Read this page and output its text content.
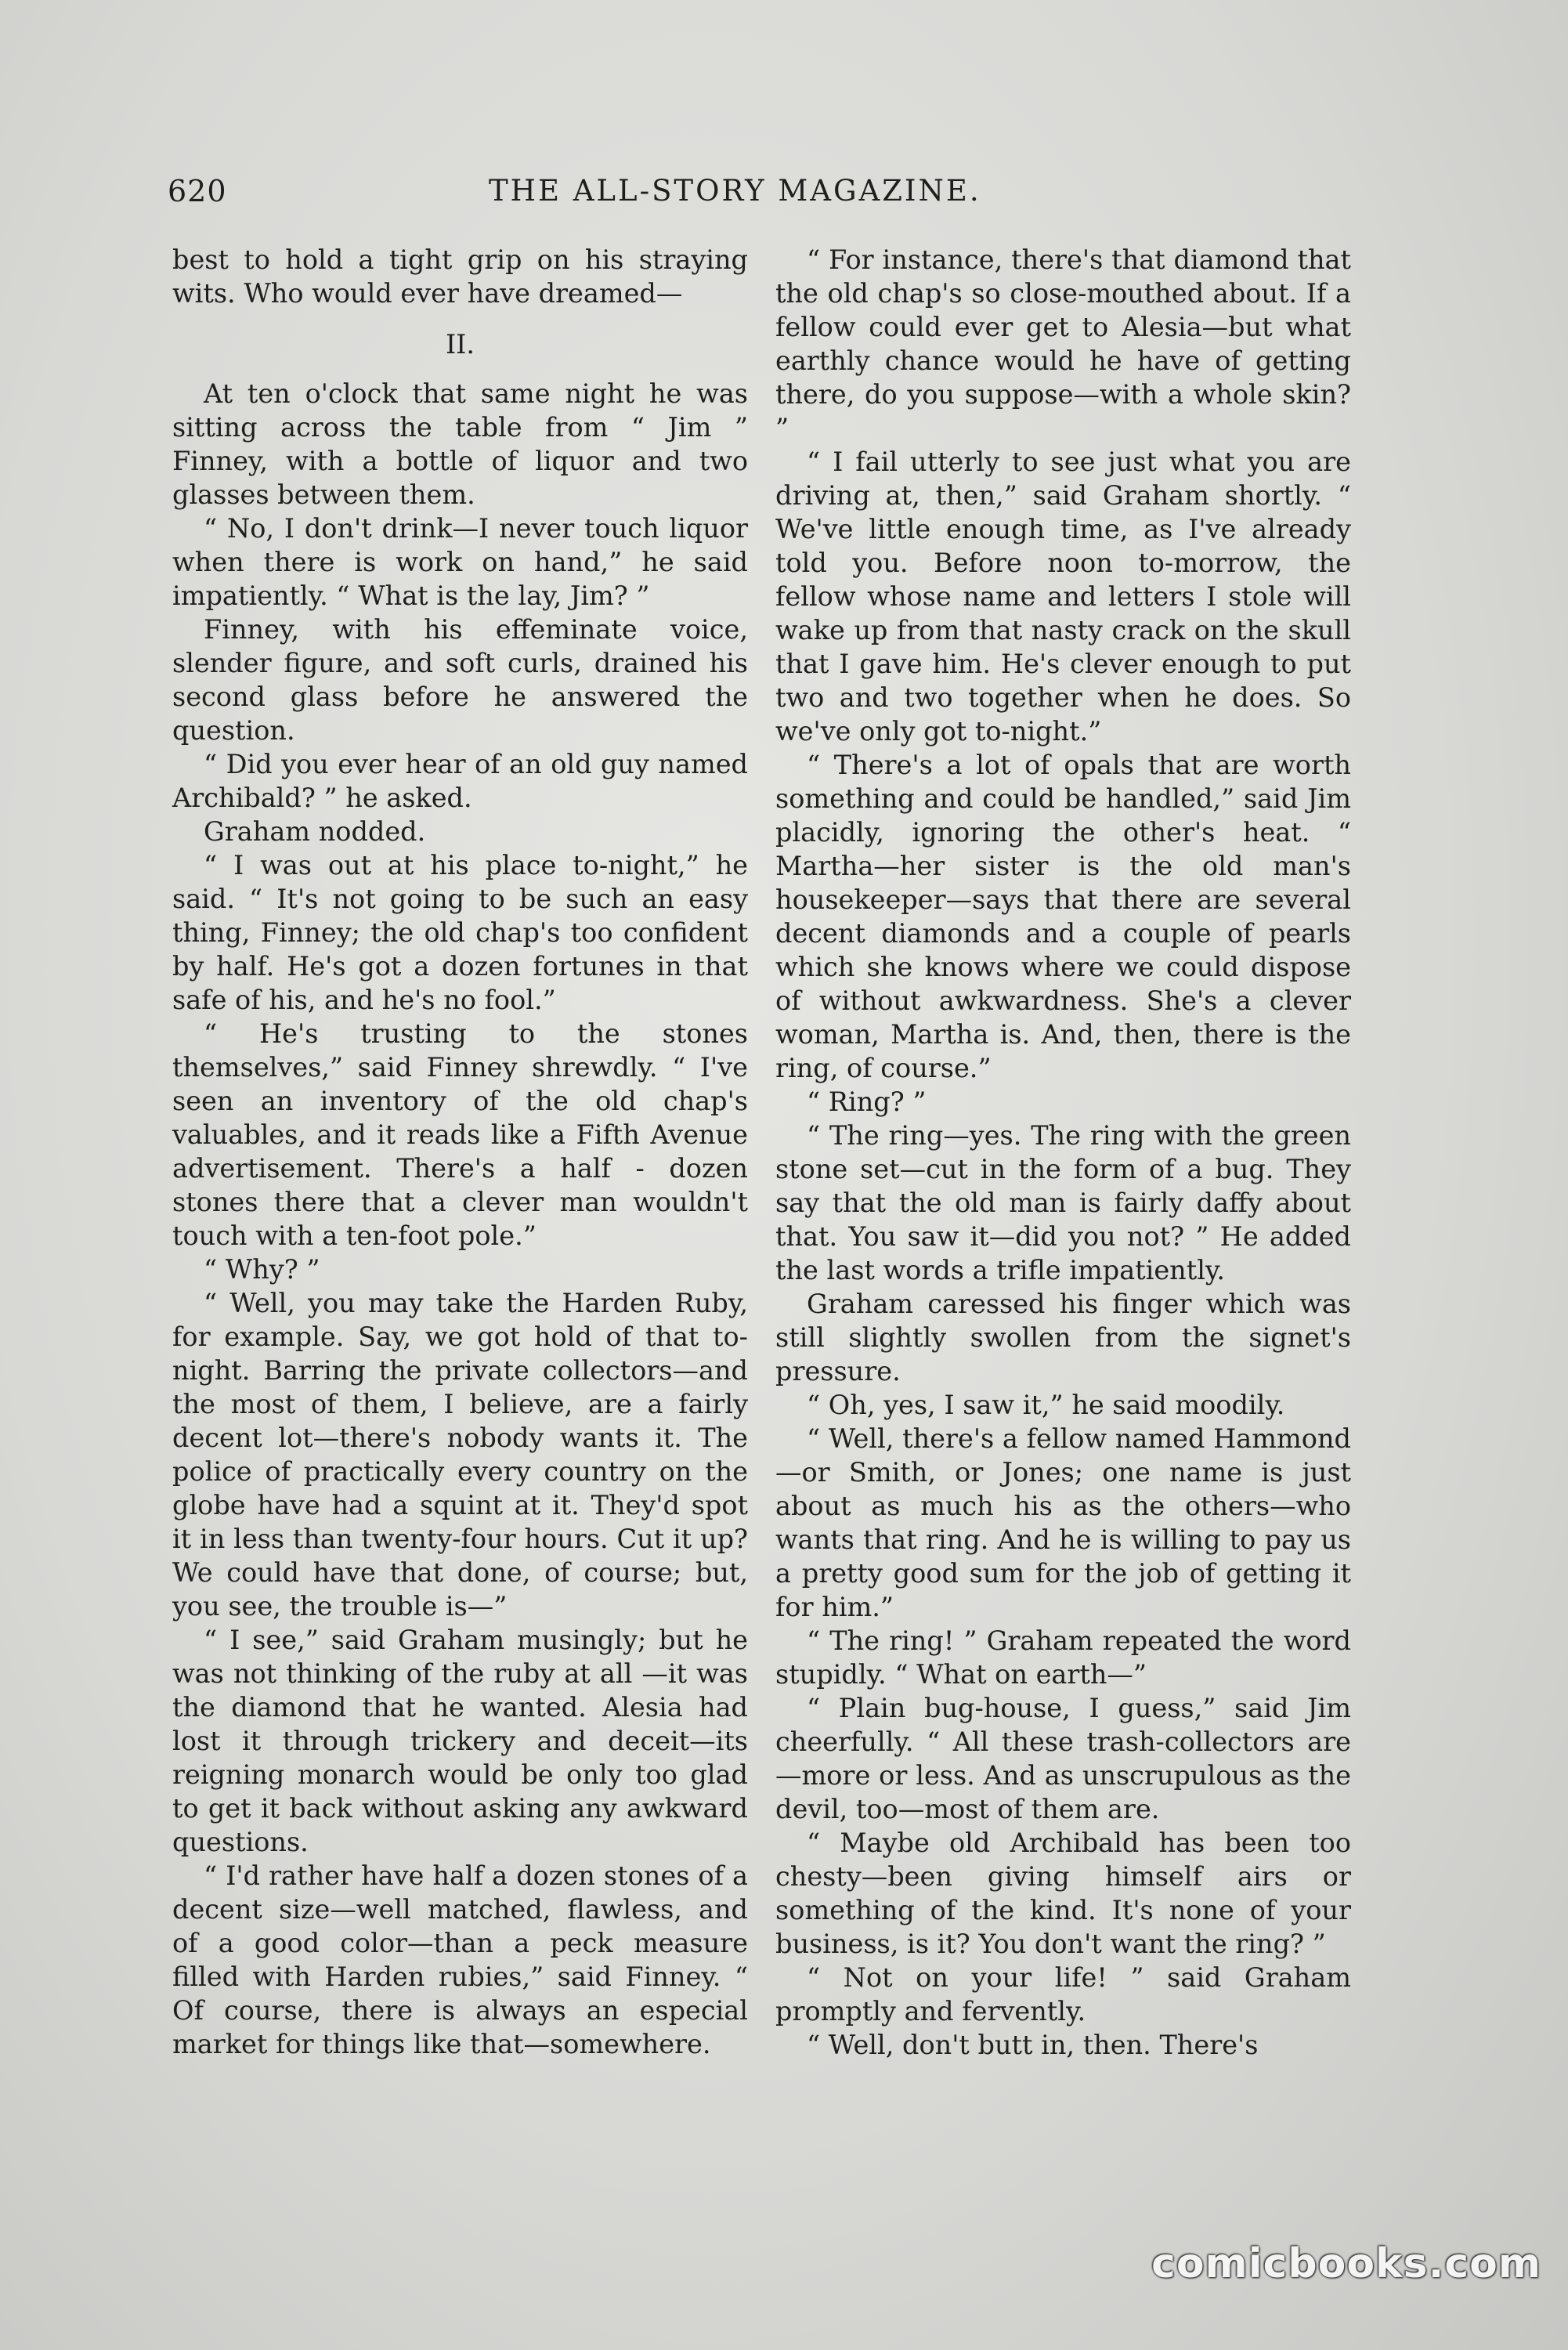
620	THE ALL-STORY MAGAZINE.

best to hold a tight grip on his straying wits. Who would ever have dreamed—

II.

At ten o'clock that same night he was sitting across the table from “ Jim ” Finney, with a bottle of liquor and two glasses between them.

“ No, I don't drink—I never touch liquor when there is work on hand,” he said impatiently. “ What is the lay, Jim? ”

Finney, with his effeminate voice, slender figure, and soft curls, drained his second glass before he answered the question.

“ Did you ever hear of an old guy named Archibald? ” he asked.

Graham nodded.

“ I was out at his place to-night,” he said. “ It's not going to be such an easy thing, Finney; the old chap's too confident by half. He's got a dozen fortunes in that safe of his, and he's no fool.”

“ He's trusting to the stones themselves,” said Finney shrewdly. “ I've seen an inventory of the old chap's valuables, and it reads like a Fifth Avenue advertisement. There's a half - dozen stones there that a clever man wouldn't touch with a ten-foot pole.”

“ Why? ”

“ Well, you may take the Harden Ruby, for example. Say, we got hold of that to-night. Barring the private collectors—and the most of them, I believe, are a fairly decent lot—there's nobody wants it. The police of practically every country on the globe have had a squint at it. They'd spot it in less than twenty-four hours. Cut it up? We could have that done, of course; but, you see, the trouble is—”

“ I see,” said Graham musingly; but he was not thinking of the ruby at all —it was the diamond that he wanted. Alesia had lost it through trickery and deceit—its reigning monarch would be only too glad to get it back without asking any awkward questions.

“ I'd rather have half a dozen stones of a decent size—well matched, flawless, and of a good color—than a peck measure filled with Harden rubies,” said Finney. “ Of course, there is always an especial market for things like that—somewhere.

“ For instance, there's that diamond that the old chap's so close-mouthed about. If a fellow could ever get to Alesia—but what earthly chance would he have of getting there, do you suppose—with a whole skin? ”

“ I fail utterly to see just what you are driving at, then,” said Graham shortly. “ We've little enough time, as I've already told you. Before noon to-morrow, the fellow whose name and letters I stole will wake up from that nasty crack on the skull that I gave him. He's clever enough to put two and two together when he does. So we've only got to-night.”

“ There's a lot of opals that are worth something and could be handled,” said Jim placidly, ignoring the other's heat. “ Martha—her sister is the old man's housekeeper—says that there are several decent diamonds and a couple of pearls which she knows where we could dispose of without awkwardness. She's a clever woman, Martha is. And, then, there is the ring, of course.”

“ Ring? ”

“ The ring—yes. The ring with the green stone set—cut in the form of a bug. They say that the old man is fairly daffy about that. You saw it—did you not? ” He added the last words a trifle impatiently.

Graham caressed his finger which was still slightly swollen from the signet's pressure.

“ Oh, yes, I saw it,” he said moodily.

“ Well, there's a fellow named Hammond—or Smith, or Jones; one name is just about as much his as the others—who wants that ring. And he is willing to pay us a pretty good sum for the job of getting it for him.”

“ The ring! ” Graham repeated the word stupidly. “ What on earth—”

“ Plain bug-house, I guess,” said Jim cheerfully. “ All these trash-collectors are—more or less. And as unscrupulous as the devil, too—most of them are.

“ Maybe old Archibald has been too chesty—been giving himself airs or something of the kind. It's none of your business, is it? You don't want the ring? ”

“ Not on your life! ” said Graham promptly and fervently.

“ Well, don't butt in, then. There's

comicbooks.com
